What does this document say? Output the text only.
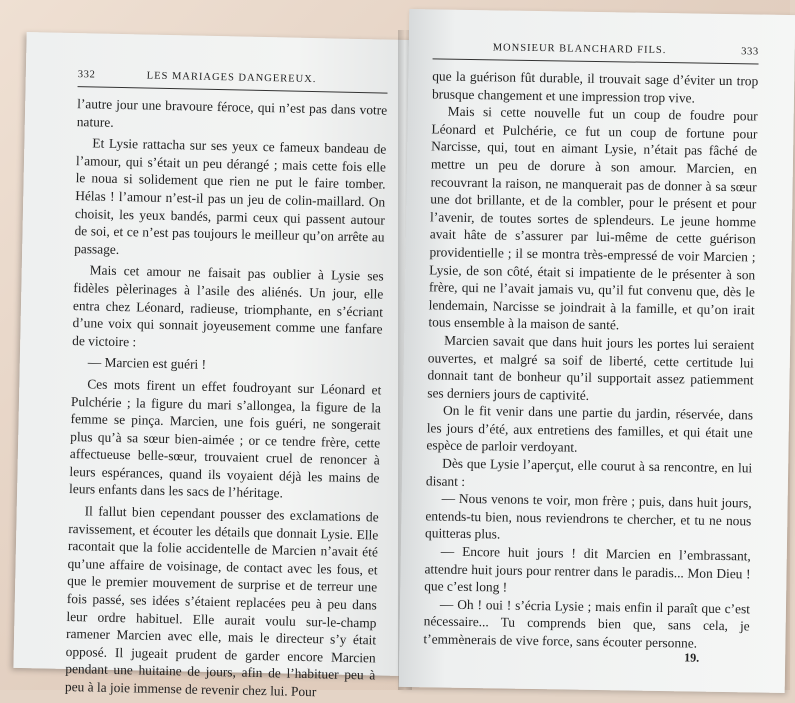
332	LES MARIAGES DANGEREUX.

l’autre jour une bravoure féroce, qui n’est pas dans votre nature.

Et Lysie rattacha sur ses yeux ce fameux bandeau de l’amour, qui s’était un peu dérangé ; mais cette fois elle le noua si solidement que rien ne put le faire tomber. Hélas ! l’amour n’est-il pas un jeu de colin-maillard. On choisit, les yeux bandés, parmi ceux qui passent autour de soi, et ce n’est pas toujours le meilleur qu’on arrête au passage.

Mais cet amour ne faisait pas oublier à Lysie ses fidèles pèlerinages à l’asile des aliénés. Un jour, elle entra chez Léonard, radieuse, triomphante, en s’écriant d’une voix qui sonnait joyeusement comme une fanfare de victoire :

— Marcien est guéri !

Ces mots firent un effet foudroyant sur Léonard et Pulchérie ; la figure du mari s’allongea, la figure de la femme se pinça. Marcien, une fois guéri, ne songerait plus qu’à sa sœur bien-aimée ; or ce tendre frère, cette affectueuse belle-sœur, trouvaient cruel de renoncer à leurs espérances, quand ils voyaient déjà les mains de leurs enfants dans les sacs de l’héritage.

Il fallut bien cependant pousser des exclamations de ravissement, et écouter les détails que donnait Lysie. Elle racontait que la folie accidentelle de Marcien n’avait été qu’une affaire de voisinage, de contact avec les fous, et que le premier mouvement de surprise et de terreur une fois passé, ses idées s’étaient replacées peu à peu dans leur ordre habituel. Elle aurait voulu sur-le-champ ramener Marcien avec elle, mais le directeur s’y était opposé. Il jugeait prudent de garder encore Marcien pendant une huitaine de jours, afin de l’habituer peu à peu à la joie immense de revenir chez lui. Pour

MONSIEUR BLANCHARD FILS.	333

que la guérison fût durable, il trouvait sage d’éviter un trop brusque changement et une impression trop vive.

Mais si cette nouvelle fut un coup de foudre pour Léonard et Pulchérie, ce fut un coup de fortune pour Narcisse, qui, tout en aimant Lysie, n’était pas fâché de mettre un peu de dorure à son amour. Marcien, en recouvrant la raison, ne manquerait pas de donner à sa sœur une dot brillante, et de la combler, pour le présent et pour l’avenir, de toutes sortes de splendeurs. Le jeune homme avait hâte de s’assurer par lui-même de cette guérison providentielle ; il se montra très-empressé de voir Marcien ; Lysie, de son côté, était si impatiente de le présenter à son frère, qui ne l’avait jamais vu, qu’il fut convenu que, dès le lendemain, Narcisse se joindrait à la famille, et qu’on irait tous ensemble à la maison de santé.

Marcien savait que dans huit jours les portes lui seraient ouvertes, et malgré sa soif de liberté, cette certitude lui donnait tant de bonheur qu’il supportait assez patiemment ses derniers jours de captivité.

On le fit venir dans une partie du jardin, réservée, dans les jours d’été, aux entretiens des familles, et qui était une espèce de parloir verdoyant.

Dès que Lysie l’aperçut, elle courut à sa rencontre, en lui disant :

— Nous venons te voir, mon frère ; puis, dans huit jours, entends-tu bien, nous reviendrons te chercher, et tu ne nous quitteras plus.

— Encore huit jours ! dit Marcien en l’embrassant, attendre huit jours pour rentrer dans le paradis... Mon Dieu ! que c’est long !

— Oh ! oui ! s’écria Lysie ; mais enfin il paraît que c’est nécessaire... Tu comprends bien que, sans cela, je t’emmènerais de vive force, sans écouter personne.

19.
